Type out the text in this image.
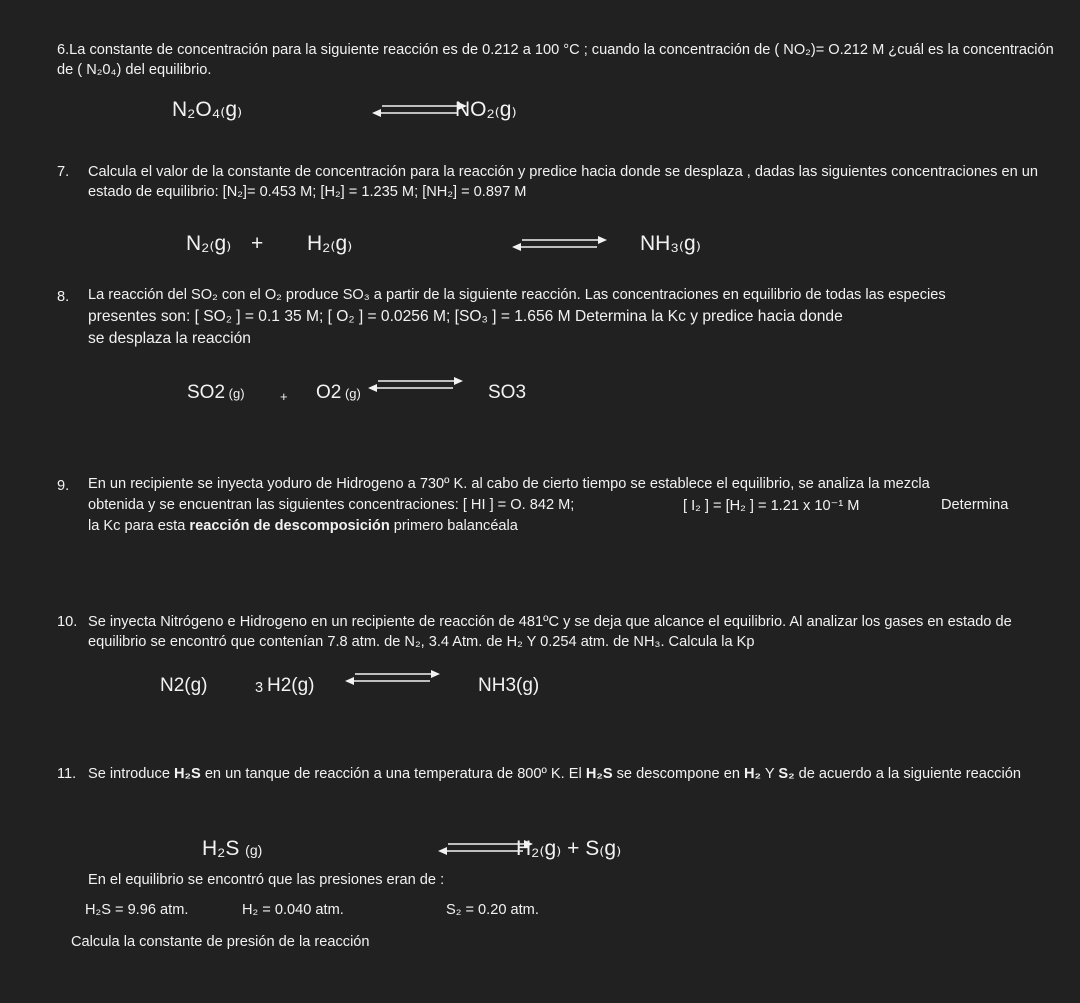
6.La constante de concentración para la siguiente reacción es de 0.212 a 100 °C ; cuando la concentración de ( NO₂)= O.212 M ¿cuál es la concentración de ( N₂0₄) del equilibrio.
N₂O₄₍g₎	NO₂₍g₎
7. Calcula el valor de la constante de concentración para la reacción y predice hacia donde se desplaza , dadas las siguientes concentraciones en un estado de equilibrio: [N₂]= 0.453 M; [H₂] = 1.235 M; [NH₂] = 0.897 M
N₂₍g₎ + H₂₍g₎	NH₃₍g₎
8. La reacción del SO₂ con el O₂ produce SO₃ a partir de la siguiente reacción. Las concentraciones en equilibrio de todas las especies
presentes son: [ SO₂ ] = 0.1 35 M; [ O₂ ] = 0.0256 M; [SO₃ ] = 1.656 M Determina la Kc y predice hacia donde
se desplaza la reacción
SO2 (g)	+ O2 (g)	SO3
9. En un recipiente se inyecta yoduro de Hidrogeno a 730º K. al cabo de cierto tiempo se establece el equilibrio, se analiza la mezcla
obtenida y se encuentran las siguientes concentraciones: [ HI ] = O. 842 M;	[ I₂ ] = [H₂ ] = 1.21 x 10⁻¹ M	Determina
la Kc para esta reacción de descomposición primero balancéala
10. Se inyecta Nitrógeno e Hidrogeno en un recipiente de reacción de 481ºC y se deja que alcance el equilibrio. Al analizar los gases en estado de equilibrio se encontró que contenían 7.8 atm. de N₂, 3.4 Atm. de H₂ Y 0.254 atm. de NH₃. Calcula la Kp
N2(g)	3 H2(g)	NH3(g)
11. Se introduce H₂S en un tanque de reacción a una temperatura de 800º K. El H₂S se descompone en H₂ Y S₂ de acuerdo a la siguiente reacción
H₂S (g)	H₂₍g₎ + S₍g₎
En el equilibrio se encontró que las presiones eran de :
H₂S = 9.96 atm.	H₂ = 0.040 atm.	S₂ = 0.20 atm.
Calcula la constante de presión de la reacción
